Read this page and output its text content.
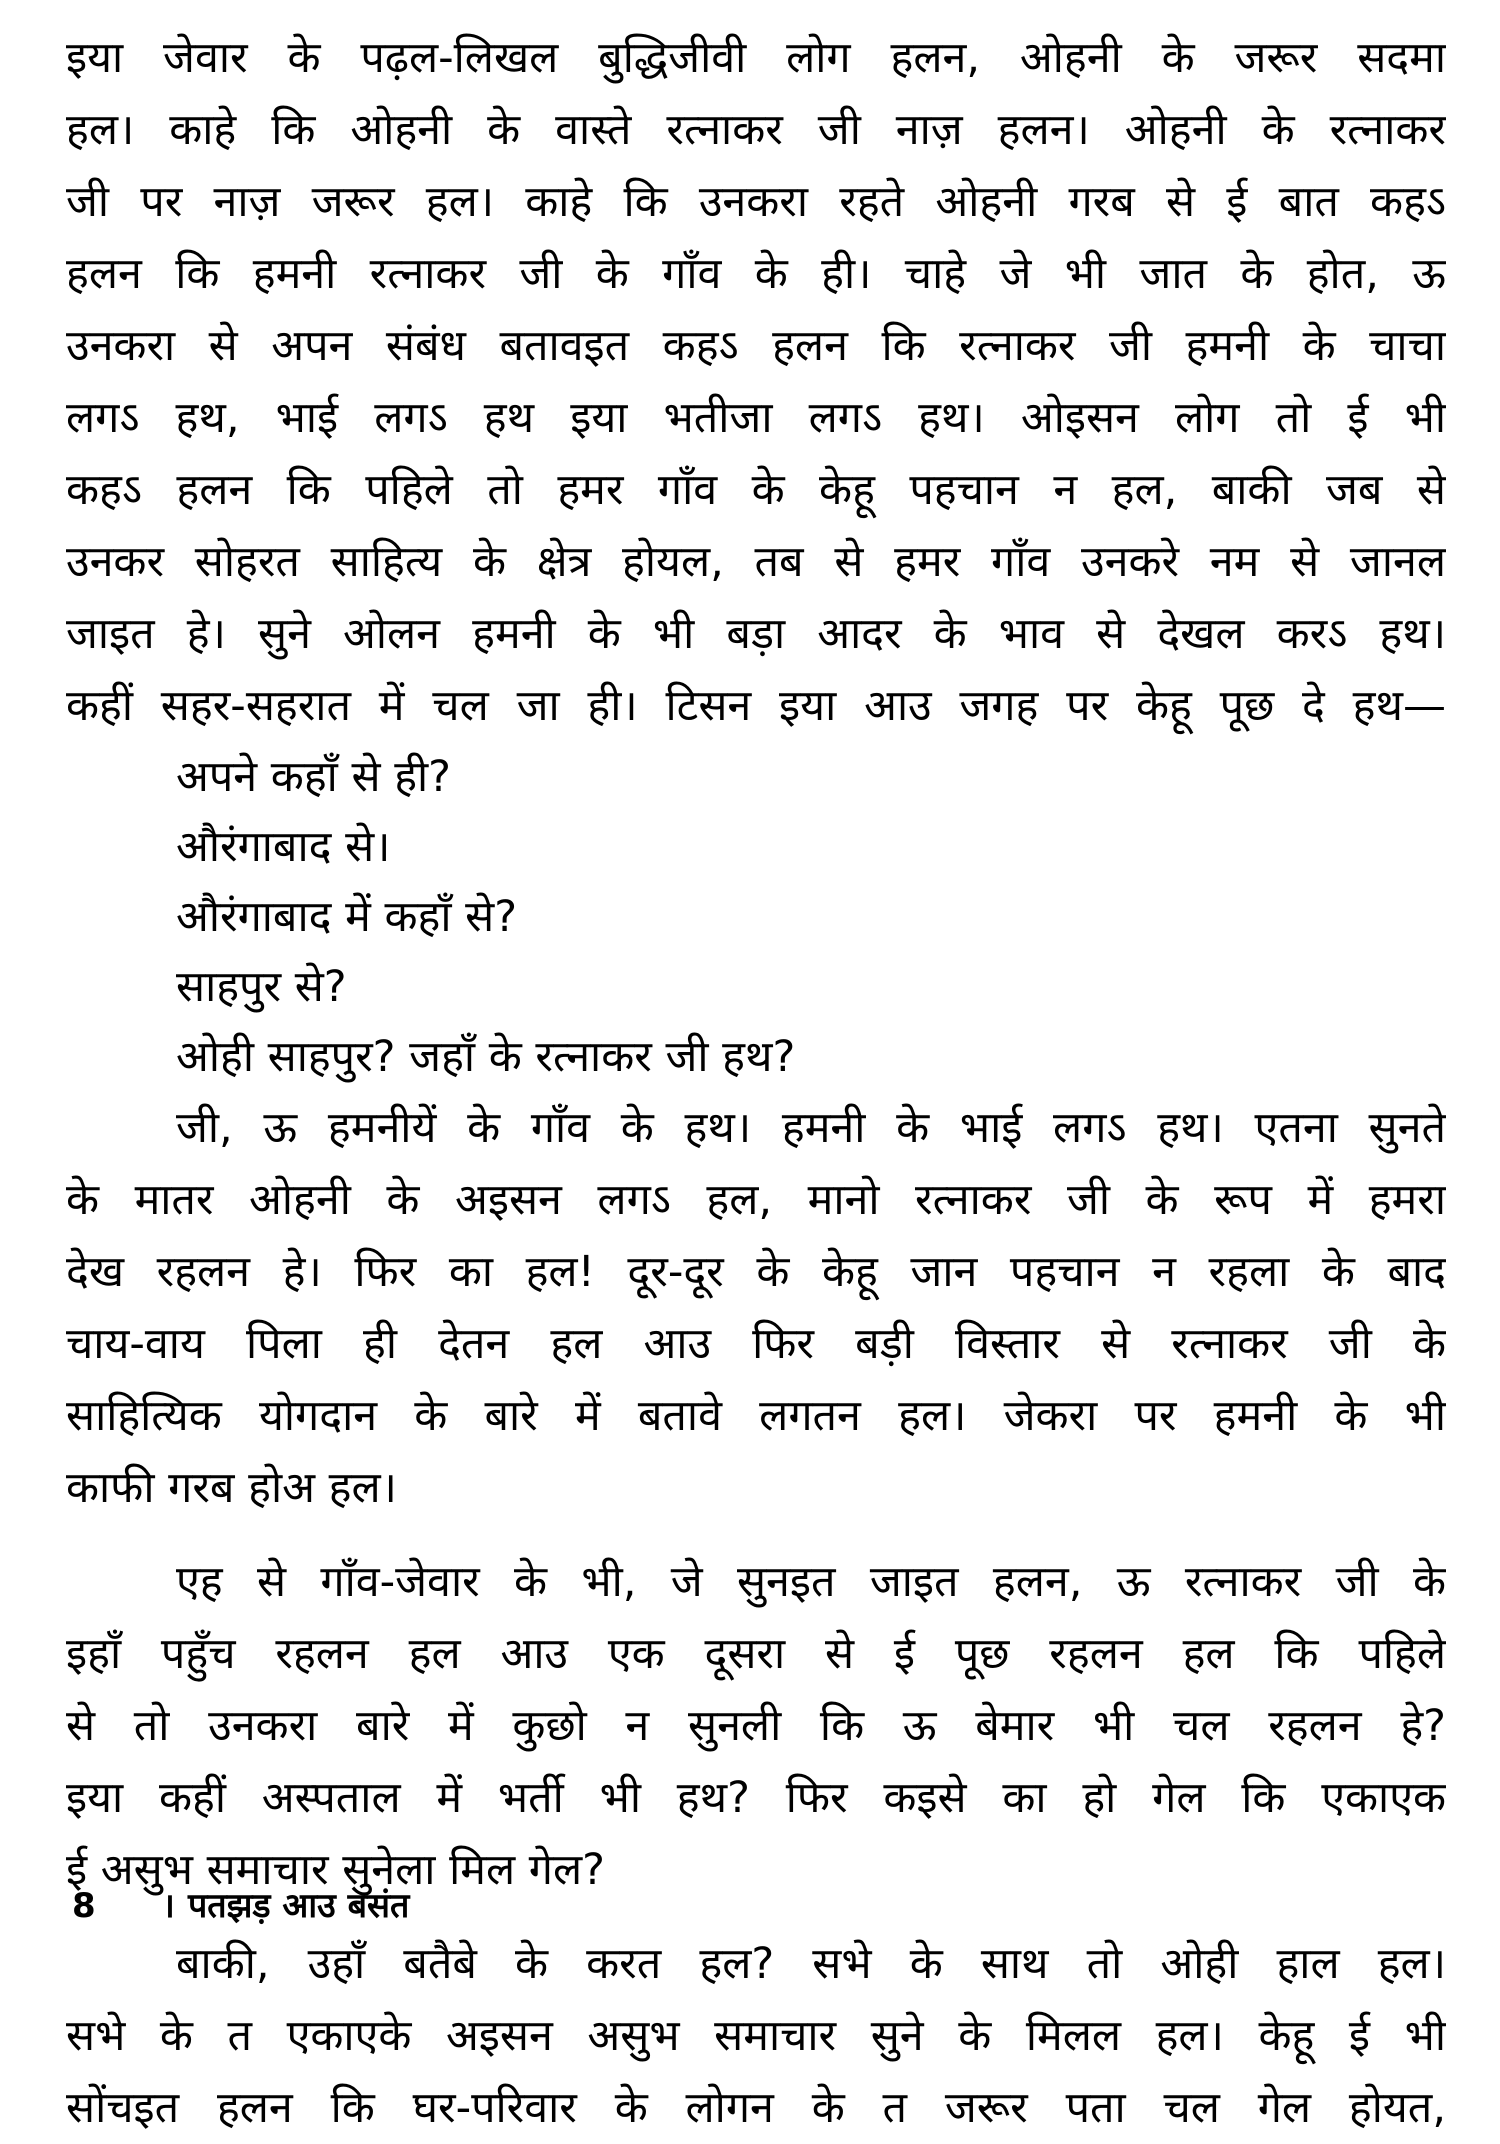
इया जेवार के पढ़ल-लिखल बुद्धिजीवी लोग हलन, ओहनी के जरूर सदमा
हल। काहे कि ओहनी के वास्ते रत्नाकर जी नाज़ हलन। ओहनी के रत्नाकर
जी पर नाज़ जरूर हल। काहे कि उनकरा रहते ओहनी गरब से ई बात कहऽ
हलन कि हमनी रत्नाकर जी के गाँव के ही। चाहे जे भी जात के होत, ऊ
उनकरा से अपन संबंध बतावइत कहऽ हलन कि रत्नाकर जी हमनी के चाचा
लगऽ हथ, भाई लगऽ हथ इया भतीजा लगऽ हथ। ओइसन लोग तो ई भी
कहऽ हलन कि पहिले तो हमर गाँव के केहू पहचान न हल, बाकी जब से
उनकर सोहरत साहित्य के क्षेत्र होयल, तब से हमर गाँव उनकरे नम से जानल
जाइत हे। सुने ओलन हमनी के भी बड़ा आदर के भाव से देखल करऽ हथ।
कहीं सहर-सहरात में चल जा ही। टिसन इया आउ जगह पर केहू पूछ दे हथ—
अपने कहाँ से ही?
औरंगाबाद से।
औरंगाबाद में कहाँ से?
साहपुर से?
ओही साहपुर? जहाँ के रत्नाकर जी हथ?
जी, ऊ हमनीयें के गाँव के हथ। हमनी के भाई लगऽ हथ। एतना सुनते
के मातर ओहनी के अइसन लगऽ हल, मानो रत्नाकर जी के रूप में हमरा
देख रहलन हे। फिर का हल! दूर-दूर के केहू जान पहचान न रहला के बाद
चाय-वाय पिला ही देतन हल आउ फिर बड़ी विस्तार से रत्नाकर जी के
साहित्यिक योगदान के बारे में बतावे लगतन हल। जेकरा पर हमनी के भी
काफी गरब होअ हल।
एह से गाँव-जेवार के भी, जे सुनइत जाइत हलन, ऊ रत्नाकर जी के
इहाँ पहुँच रहलन हल आउ एक दूसरा से ई पूछ रहलन हल कि पहिले
से तो उनकरा बारे में कुछो न सुनली कि ऊ बेमार भी चल रहलन हे?
इया कहीं अस्पताल में भर्ती भी हथ? फिर कइसे का हो गेल कि एकाएक
ई असुभ समाचार सुनेला मिल गेल?
बाकी, उहाँ बतैबे के करत हल? सभे के साथ तो ओही हाल हल।
सभे के त एकाएके अइसन असुभ समाचार सुने के मिलल हल। केहू ई भी
सोंचइत हलन कि घर-परिवार के लोगन के त जरूर पता चल गेल होयत,
8 । पतझड़ आउ बसंत
